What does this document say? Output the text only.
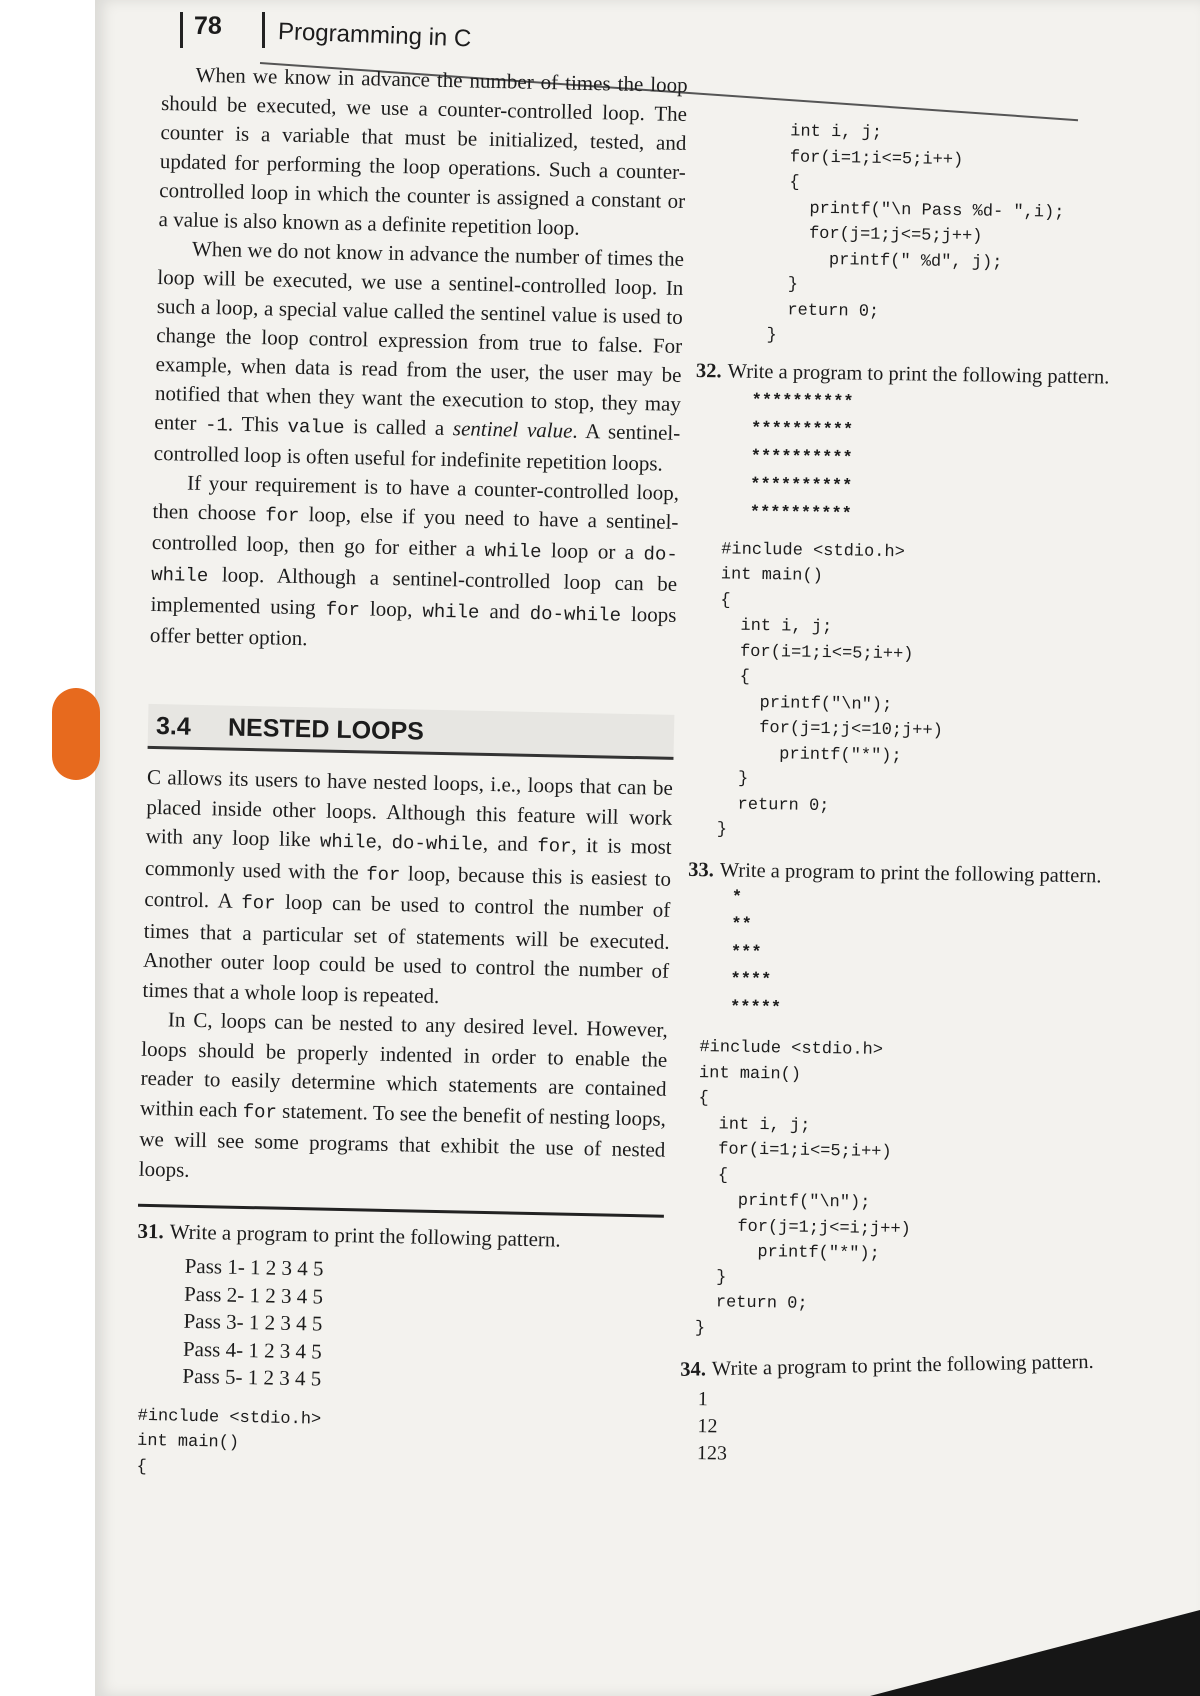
78 Programming in C

When we know in advance the number of times the loop should be executed, we use a counter-controlled loop. The counter is a variable that must be initialized, tested, and updated for performing the loop operations. Such a counter-controlled loop in which the counter is assigned a constant or a value is also known as a definite repetition loop.

When we do not know in advance the number of times the loop will be executed, we use a sentinel-controlled loop. In such a loop, a special value called the sentinel value is used to change the loop control expression from true to false. For example, when data is read from the user, the user may be notified that when they want the execution to stop, they may enter -1. This value is called a sentinel value. A sentinel-controlled loop is often useful for indefinite repetition loops.

If your requirement is to have a counter-controlled loop, then choose for loop, else if you need to have a sentinel-controlled loop, then go for either a while loop or a do-while loop. Although a sentinel-controlled loop can be implemented using for loop, while and do-while loops offer better option.

3.4 NESTED LOOPS

C allows its users to have nested loops, i.e., loops that can be placed inside other loops. Although this feature will work with any loop like while, do-while, and for, it is most commonly used with the for loop, because this is easiest to control. A for loop can be used to control the number of times that a particular set of statements will be executed. Another outer loop could be used to control the number of times that a whole loop is repeated.

In C, loops can be nested to any desired level. However, loops should be properly indented in order to enable the reader to easily determine which statements are contained within each for statement. To see the benefit of nesting loops, we will see some programs that exhibit the use of nested loops.

31. Write a program to print the following pattern.
Pass 1- 1 2 3 4 5
Pass 2- 1 2 3 4 5
Pass 3- 1 2 3 4 5
Pass 4- 1 2 3 4 5
Pass 5- 1 2 3 4 5
#include <stdio.h>
int main()
{
int i, j;
for(i=1;i<=5;i++)
{
printf("\n Pass %d- ",i);
for(j=1;j<=5;j++)
printf(" %d", j);
}
return 0;
}
32. Write a program to print the following pattern.
**********
**********
**********
**********
**********
#include <stdio.h>
int main()
{
int i, j;
for(i=1;i<=5;i++)
{
printf("\n");
for(j=1;j<=10;j++)
printf("*");
}
return 0;
}
33. Write a program to print the following pattern.
*
**
***
****
*****
#include <stdio.h>
int main()
{
int i, j;
for(i=1;i<=5;i++)
{
printf("\n");
for(j=1;j<=i;j++)
printf("*");
}
return 0;
}
34. Write a program to print the following pattern.
1
12
123
